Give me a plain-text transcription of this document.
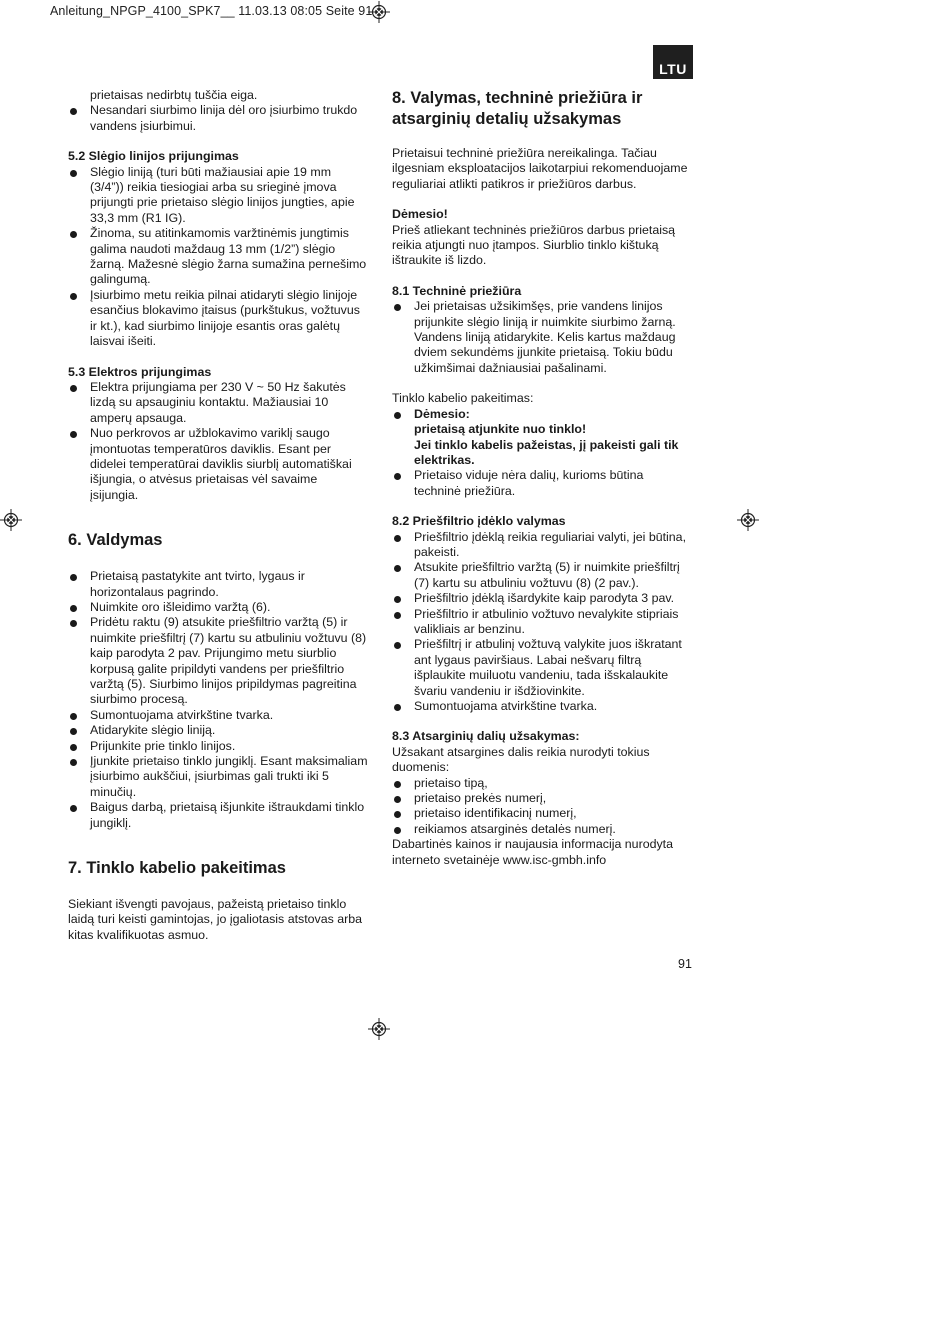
Anleitung_NPGP_4100_SPK7__ 11.03.13 08:05 Seite 91
LTU

prietaisas nedirbtų tuščia eiga.

Nesandari siurbimo linija dėl oro įsiurbimo trukdo vandens įsiurbimui.

5.2 Slėgio linijos prijungimas

Slėgio liniją (turi būti mažiausiai apie 19 mm (3/4”)) reikia tiesiogiai arba su srieginė įmova prijungti prie prietaiso slėgio linijos jungties, apie 33,3 mm (R1 IG).

Žinoma, su atitinkamomis varžtinėmis jungtimis galima naudoti maždaug 13 mm (1/2”) slėgio žarną. Mažesnė slėgio žarna sumažina pernešimo galingumą.

Įsiurbimo metu reikia pilnai atidaryti slėgio linijoje esančius blokavimo įtaisus (purkštukus, vožtuvus ir kt.), kad siurbimo linijoje esantis oras galėtų laisvai išeiti.

5.3 Elektros prijungimas

Elektra prijungiama per 230 V ~ 50 Hz šakutės lizdą su apsauginiu kontaktu. Mažiausiai 10 amperų apsauga.

Nuo perkrovos ar užblokavimo variklį saugo įmontuotas temperatūros daviklis. Esant per didelei temperatūrai daviklis siurblį automatiškai išjungia, o atvėsus prietaisas vėl savaime įsijungia.

6. Valdymas

Prietaisą pastatykite ant tvirto, lygaus ir horizontalaus pagrindo.

Nuimkite oro išleidimo varžtą (6).

Pridėtu raktu (9) atsukite priešfiltrio varžtą (5) ir nuimkite priešfiltrį (7) kartu su atbuliniu vožtuvu (8) kaip parodyta 2 pav. Prijungimo metu siurblio korpusą galite pripildyti vandens per priešfiltrio varžtą (5). Siurbimo linijos pripildymas pagreitina siurbimo procesą.

Sumontuojama atvirkštine tvarka.

Atidarykite slėgio liniją.

Prijunkite prie tinklo linijos.

Įjunkite prietaiso tinklo jungiklį. Esant maksimaliam įsiurbimo aukščiui, įsiurbimas gali trukti iki 5 minučių.

Baigus darbą, prietaisą išjunkite ištraukdami tinklo jungiklį.

7. Tinklo kabelio pakeitimas

Siekiant išvengti pavojaus, pažeistą prietaiso tinklo laidą turi keisti gamintojas, jo įgaliotasis atstovas arba kitas kvalifikuotas asmuo.

8. Valymas, techninė priežiūra ir atsarginių detalių užsakymas

Prietaisui techninė priežiūra nereikalinga. Tačiau ilgesniam eksploatacijos laikotarpiui rekomenduojame reguliariai atlikti patikros ir priežiūros darbus.

Dėmesio!

Prieš atliekant techninės priežiūros darbus prietaisą reikia atjungti nuo įtampos. Siurblio tinklo kištuką ištraukite iš lizdo.

8.1 Techninė priežiūra

Jei prietaisas užsikimšęs, prie vandens linijos prijunkite slėgio liniją ir nuimkite siurbimo žarną. Vandens liniją atidarykite. Kelis kartus maždaug dviem sekundėms įjunkite prietaisą. Tokiu būdu užkimšimai dažniausiai pašalinami.

Tinklo kabelio pakeitimas:

Dėmesio:
prietaisą atjunkite nuo tinklo!
Jei tinklo kabelis pažeistas, jį pakeisti gali tik elektrikas.

Prietaiso viduje nėra dalių, kurioms būtina techninė priežiūra.

8.2 Priešfiltrio įdėklo valymas

Priešfiltrio įdėklą reikia reguliariai valyti, jei būtina, pakeisti.

Atsukite priešfiltrio varžtą (5) ir nuimkite priešfiltrį (7) kartu su atbuliniu vožtuvu (8) (2 pav.).

Priešfiltrio įdėklą išardykite kaip parodyta 3 pav.

Priešfiltrio ir atbulinio vožtuvo nevalykite stipriais valikliais ar benzinu.

Priešfiltrį ir atbulinį vožtuvą valykite juos iškratant ant lygaus paviršiaus. Labai nešvarų filtrą išplaukite muiluotu vandeniu, tada išskalaukite švariu vandeniu ir išdžiovinkite.

Sumontuojama atvirkštine tvarka.

8.3 Atsarginių dalių užsakymas:

Užsakant atsargines dalis reikia nurodyti tokius duomenis:

prietaiso tipą,

prietaiso prekės numerį,

prietaiso identifikacinį numerį,

reikiamos atsarginės detalės numerį.

Dabartinės kainos ir naujausia informacija nurodyta interneto svetainėje www.isc-gmbh.info

91
